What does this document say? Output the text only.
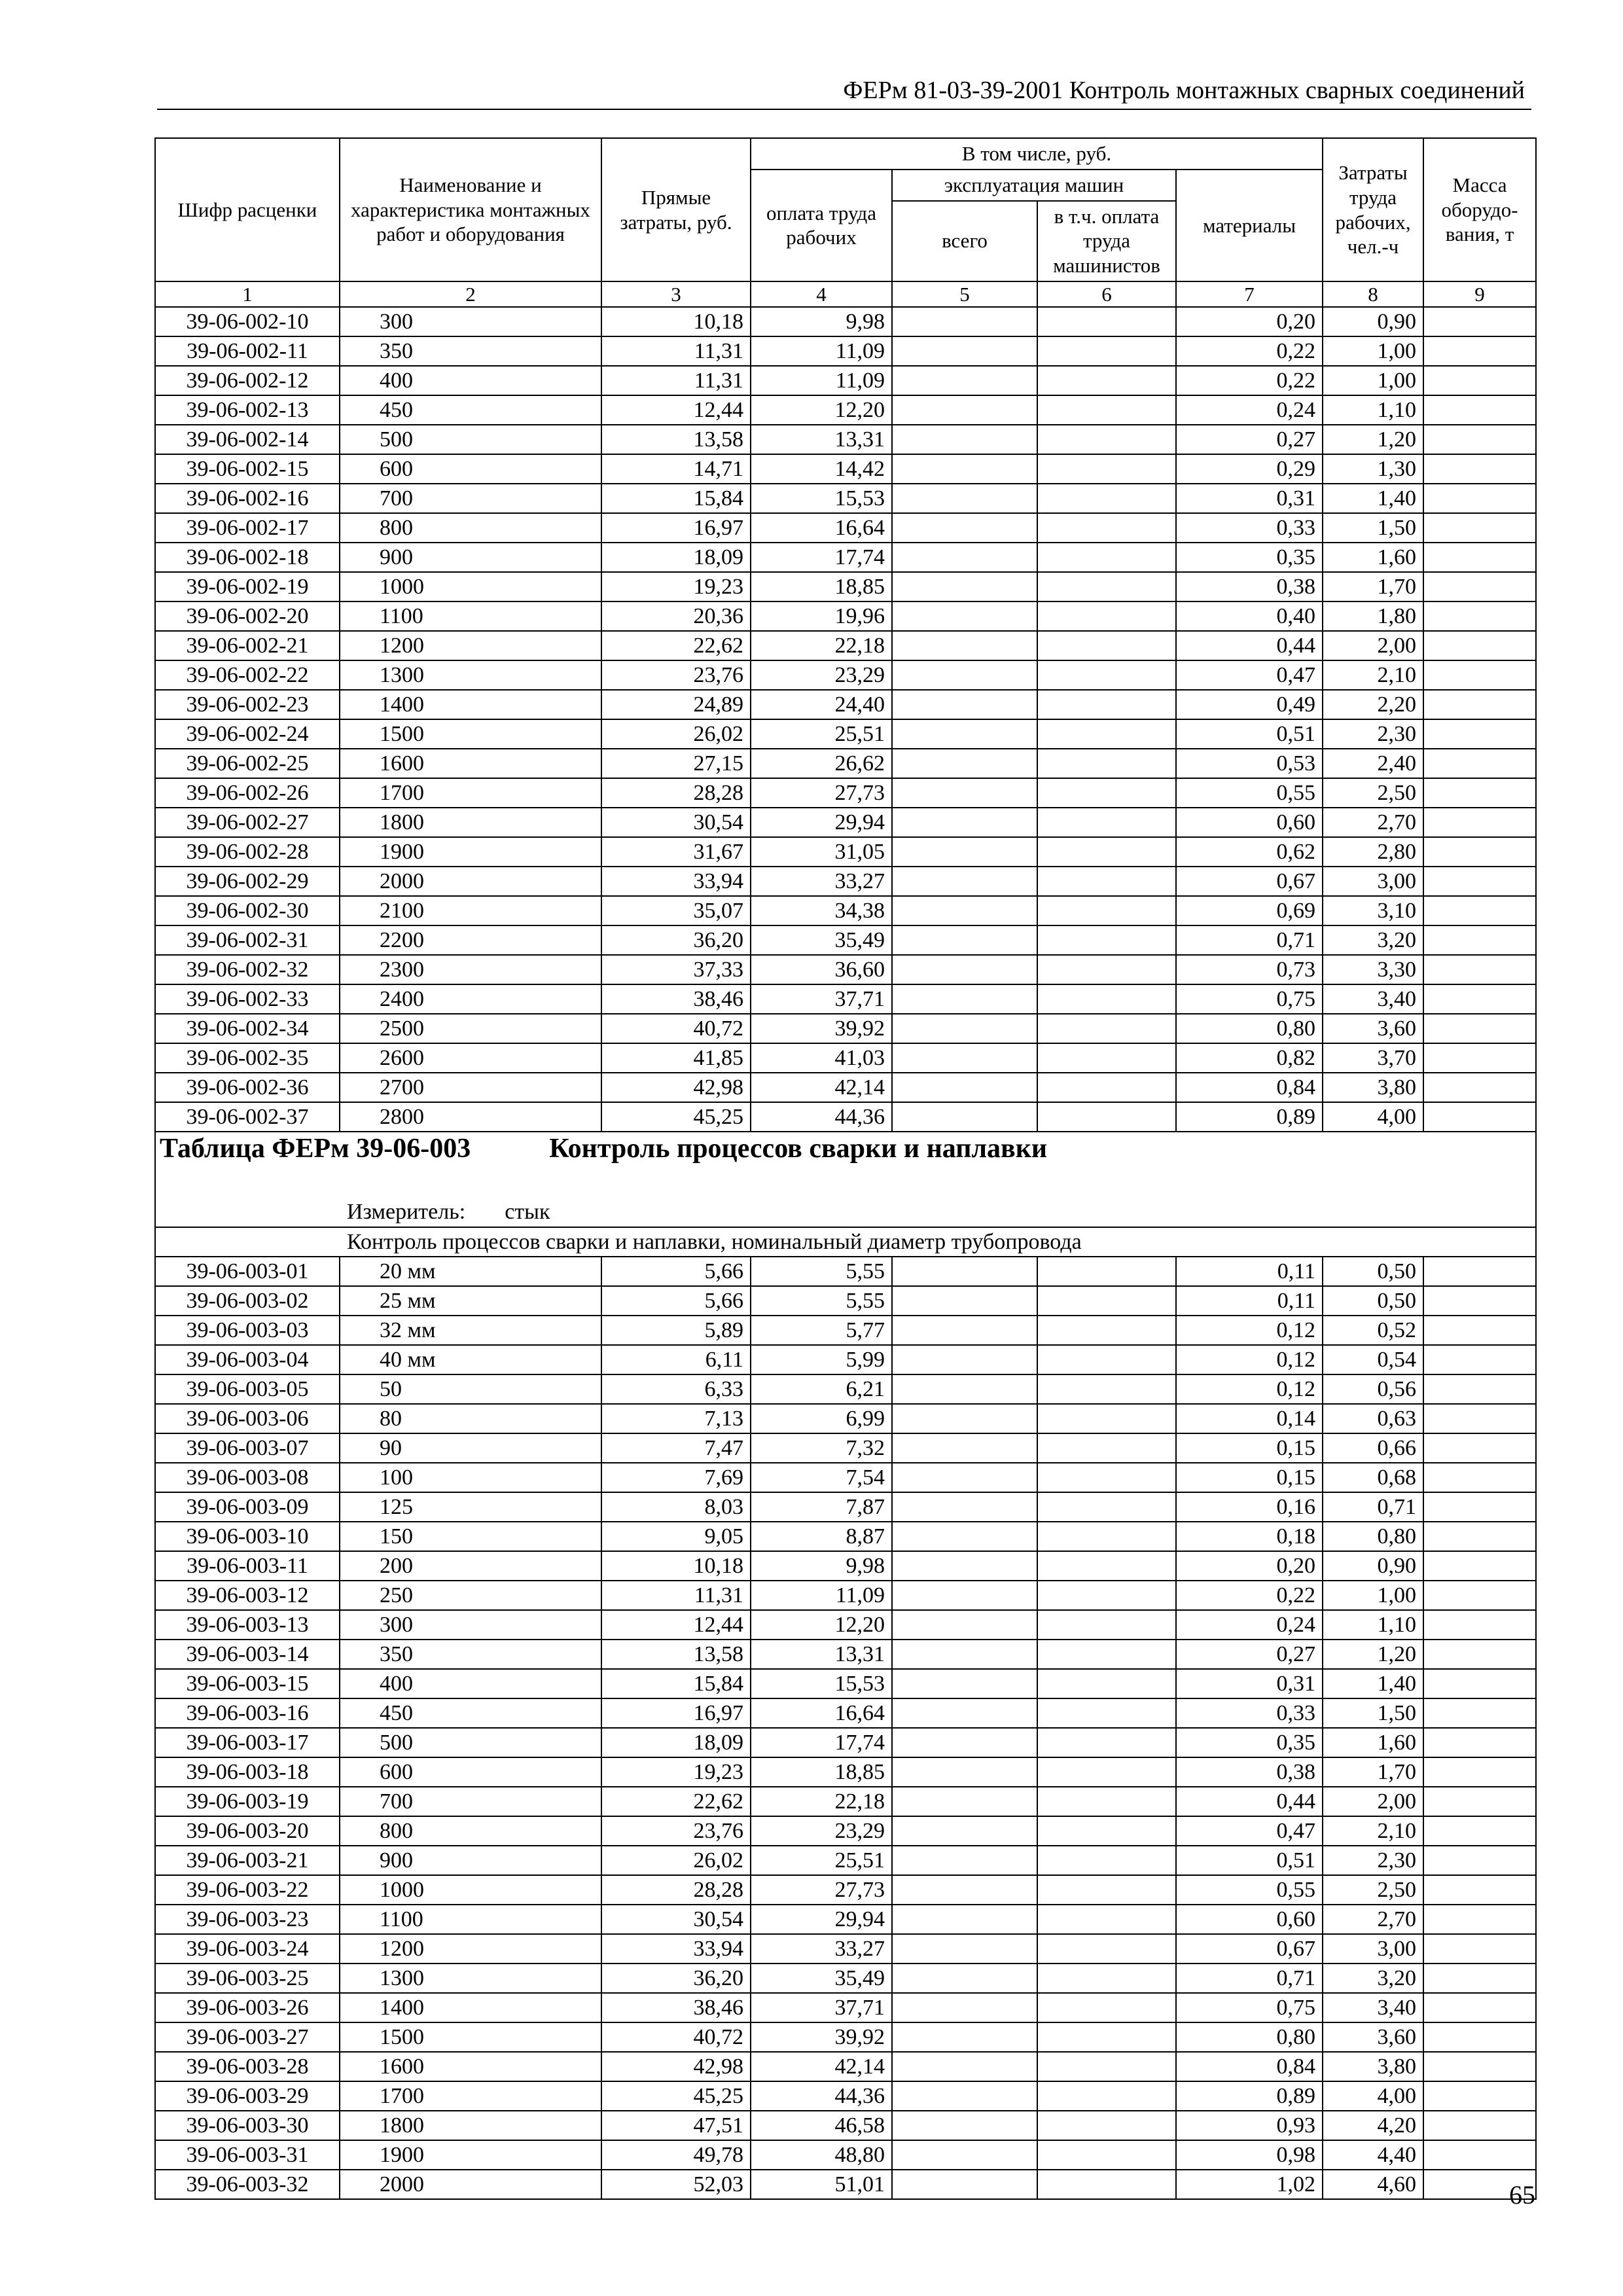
ФЕРм 81-03-39-2001 Контроль монтажных сварных соединений
Шифр расценки	Наименование и характеристика монтажных работ и оборудования	Прямые затраты, руб.	В том числе, руб.				Затраты труда рабочих, чел.-ч	Масса оборудо-вания, т
			оплата труда рабочих	эксплуатация машин		материалы		
				всего	в т.ч. оплата труда машинистов			
1	2	3	4	5	6	7	8	9
39-06-002-10	300	10,18	9,98			0,20	0,90	
39-06-002-11	350	11,31	11,09			0,22	1,00	
39-06-002-12	400	11,31	11,09			0,22	1,00	
39-06-002-13	450	12,44	12,20			0,24	1,10	
39-06-002-14	500	13,58	13,31			0,27	1,20	
39-06-002-15	600	14,71	14,42			0,29	1,30	
39-06-002-16	700	15,84	15,53			0,31	1,40	
39-06-002-17	800	16,97	16,64			0,33	1,50	
39-06-002-18	900	18,09	17,74			0,35	1,60	
39-06-002-19	1000	19,23	18,85			0,38	1,70	
39-06-002-20	1100	20,36	19,96			0,40	1,80	
39-06-002-21	1200	22,62	22,18			0,44	2,00	
39-06-002-22	1300	23,76	23,29			0,47	2,10	
39-06-002-23	1400	24,89	24,40			0,49	2,20	
39-06-002-24	1500	26,02	25,51			0,51	2,30	
39-06-002-25	1600	27,15	26,62			0,53	2,40	
39-06-002-26	1700	28,28	27,73			0,55	2,50	
39-06-002-27	1800	30,54	29,94			0,60	2,70	
39-06-002-28	1900	31,67	31,05			0,62	2,80	
39-06-002-29	2000	33,94	33,27			0,67	3,00	
39-06-002-30	2100	35,07	34,38			0,69	3,10	
39-06-002-31	2200	36,20	35,49			0,71	3,20	
39-06-002-32	2300	37,33	36,60			0,73	3,30	
39-06-002-33	2400	38,46	37,71			0,75	3,40	
39-06-002-34	2500	40,72	39,92			0,80	3,60	
39-06-002-35	2600	41,85	41,03			0,82	3,70	
39-06-002-36	2700	42,98	42,14			0,84	3,80	
39-06-002-37	2800	45,25	44,36			0,89	4,00	
Таблица ФЕРм 39-06-003 Контроль процессов сварки и наплавки								
Измеритель: стык								
Контроль процессов сварки и наплавки, номинальный диаметр трубопровода								
39-06-003-01	20 мм	5,66	5,55			0,11	0,50	
39-06-003-02	25 мм	5,66	5,55			0,11	0,50	
39-06-003-03	32 мм	5,89	5,77			0,12	0,52	
39-06-003-04	40 мм	6,11	5,99			0,12	0,54	
39-06-003-05	50	6,33	6,21			0,12	0,56	
39-06-003-06	80	7,13	6,99			0,14	0,63	
39-06-003-07	90	7,47	7,32			0,15	0,66	
39-06-003-08	100	7,69	7,54			0,15	0,68	
39-06-003-09	125	8,03	7,87			0,16	0,71	
39-06-003-10	150	9,05	8,87			0,18	0,80	
39-06-003-11	200	10,18	9,98			0,20	0,90	
39-06-003-12	250	11,31	11,09			0,22	1,00	
39-06-003-13	300	12,44	12,20			0,24	1,10	
39-06-003-14	350	13,58	13,31			0,27	1,20	
39-06-003-15	400	15,84	15,53			0,31	1,40	
39-06-003-16	450	16,97	16,64			0,33	1,50	
39-06-003-17	500	18,09	17,74			0,35	1,60	
39-06-003-18	600	19,23	18,85			0,38	1,70	
39-06-003-19	700	22,62	22,18			0,44	2,00	
39-06-003-20	800	23,76	23,29			0,47	2,10	
39-06-003-21	900	26,02	25,51			0,51	2,30	
39-06-003-22	1000	28,28	27,73			0,55	2,50	
39-06-003-23	1100	30,54	29,94			0,60	2,70	
39-06-003-24	1200	33,94	33,27			0,67	3,00	
39-06-003-25	1300	36,20	35,49			0,71	3,20	
39-06-003-26	1400	38,46	37,71			0,75	3,40	
39-06-003-27	1500	40,72	39,92			0,80	3,60	
39-06-003-28	1600	42,98	42,14			0,84	3,80	
39-06-003-29	1700	45,25	44,36			0,89	4,00	
39-06-003-30	1800	47,51	46,58			0,93	4,20	
39-06-003-31	1900	49,78	48,80			0,98	4,40	
39-06-003-32	2000	52,03	51,01			1,02	4,60		65
